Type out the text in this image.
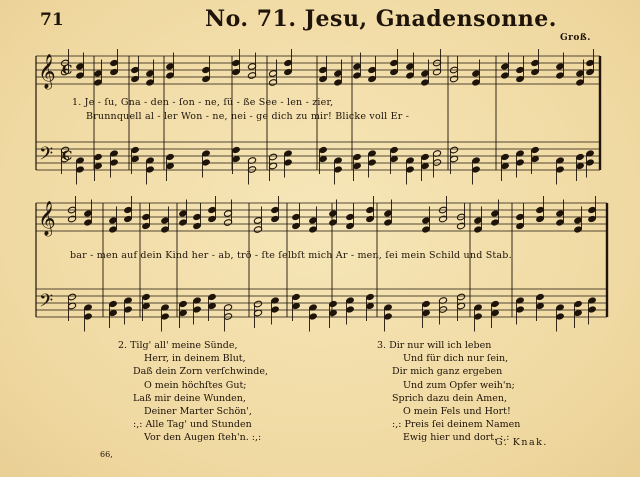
71	No. 71. Jesu, Gnadensonne.
Groß.
𝄞
𝄢
C
C
𝄞
𝄢
1. Je - ſu, Gna - den - ſon - ne, ſü - ße See - len - zier,
Brunnquell al - ler Won - ne, nei - ge dich zu mir! Blicke voll Er -
bar - men auf dein Kind her - ab, trö - ſte ſelbſt mich Ar - men, ſei mein Schild und Stab.
2. Tilg' all' meine Sünde,
Herr, in deinem Blut,
Daß dein Zorn verſchwinde,
O mein höchſtes Gut;
Laß mir deine Wunden,
Deiner Marter Schön',
:,: Alle Tag' und Stunden
Vor den Augen ſteh'n. :,:
3. Dir nur will ich leben
Und für dich nur ſein,
Dir mich ganz ergeben
Und zum Opfer weih'n;
Sprich dazu dein Amen,
O mein Fels und Hort!
:,: Preis ſei deinem Namen
Ewig hier und dort. :,:
G. Knak.
66,
